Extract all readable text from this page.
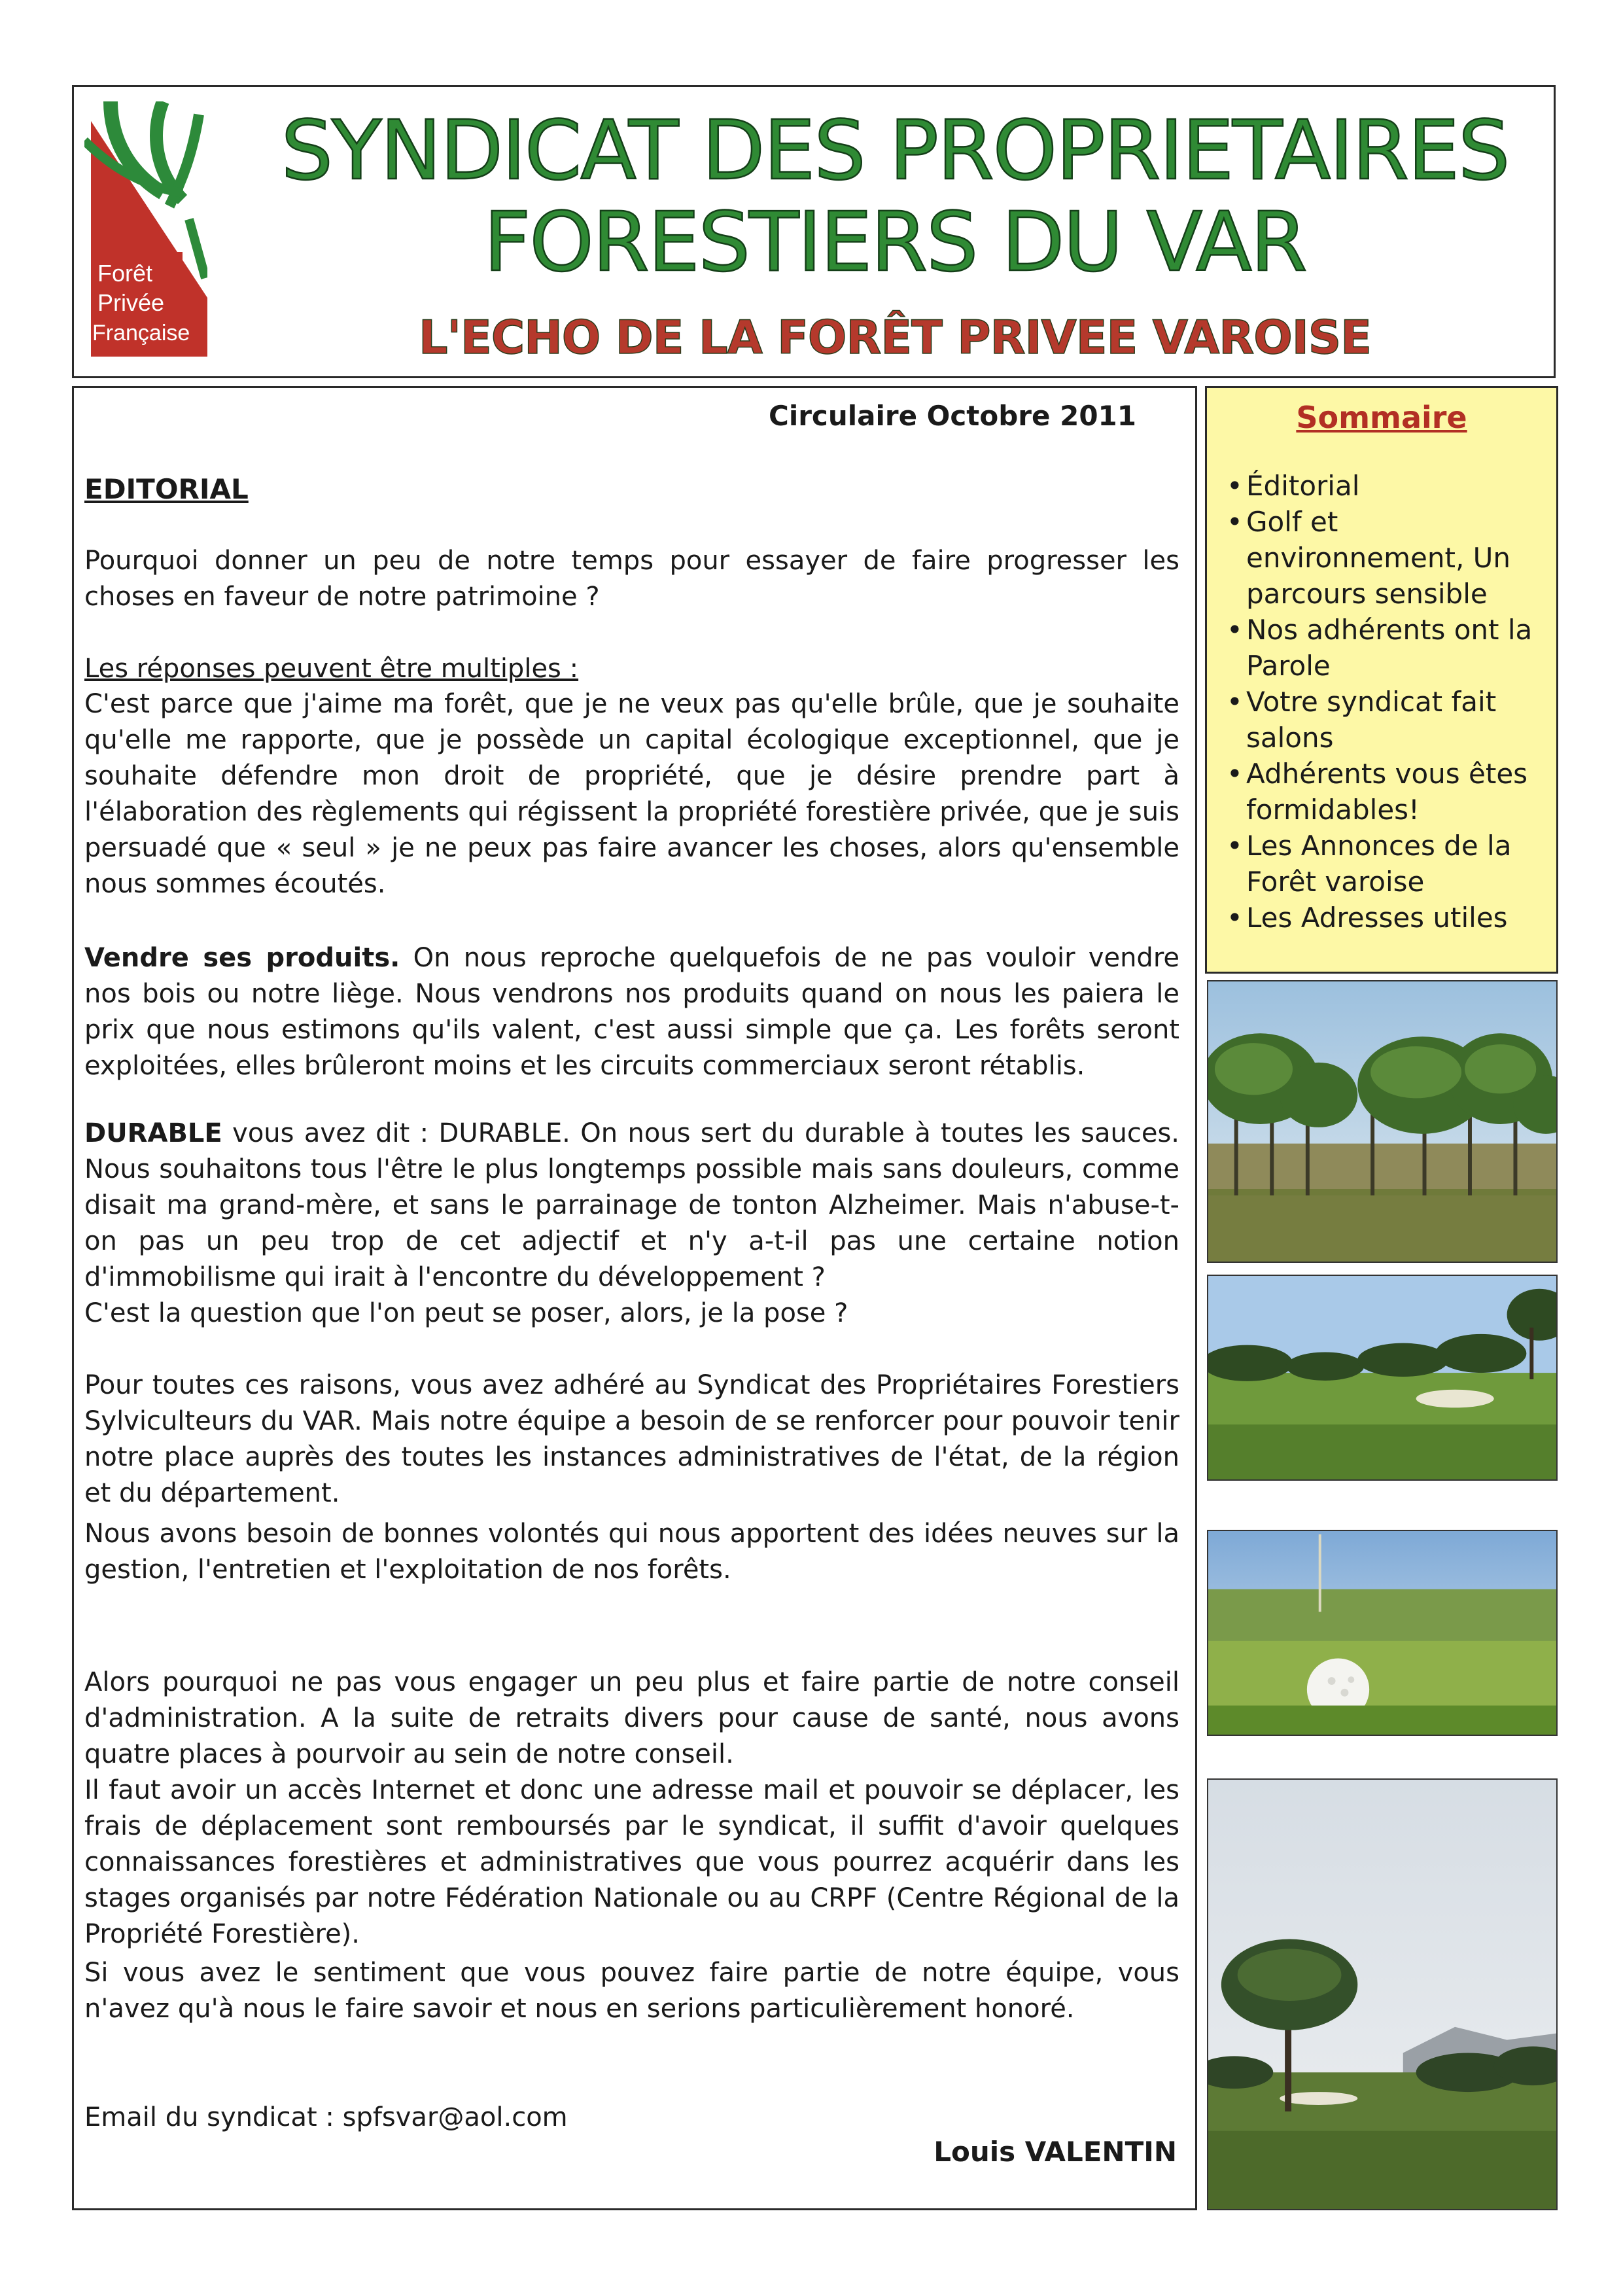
Forêt
Privée
Française
SYNDICAT DES PROPRIETAIRES
FORESTIERS DU VAR
L'ECHO DE LA FORÊT PRIVEE VAROISE
Circulaire Octobre 2011
EDITORIAL
Pourquoi donner un peu de notre temps pour essayer de faire progresser les choses en faveur de notre patrimoine ?
Les réponses peuvent être multiples :
C'est parce que j'aime ma forêt, que je ne veux pas qu'elle brûle, que je souhaite qu'elle me rapporte, que je possède un capital écologique exceptionnel, que je souhaite défendre mon droit de propriété, que je désire prendre part à l'élaboration des règlements qui régissent la propriété forestière privée, que je suis persuadé que « seul » je ne peux pas faire avancer les choses, alors qu'ensemble nous sommes écoutés.
Vendre ses produits. On nous reproche quelquefois de ne pas vouloir vendre nos bois ou notre liège. Nous vendrons nos produits quand on nous les paiera le prix que nous estimons qu'ils valent, c'est aussi simple que ça. Les forêts seront exploitées, elles brûleront moins et les circuits commerciaux seront rétablis.
DURABLE vous avez dit : DURABLE. On nous sert du durable à toutes les sauces. Nous souhaitons tous l'être le plus longtemps possible mais sans douleurs, comme disait ma grand-mère, et sans le parrainage de tonton Alzheimer. Mais n'abuse-t-on pas un peu trop de cet adjectif et n'y a-t-il pas une certaine notion d'immobilisme qui irait à l'encontre du développement ?
C'est la question que l'on peut se poser, alors, je la pose ?
Pour toutes ces raisons, vous avez adhéré au Syndicat des Propriétaires Forestiers Sylviculteurs du VAR. Mais notre équipe a besoin de se renforcer pour pouvoir tenir notre place auprès des toutes les instances administratives de l'état, de la région et du département.
Nous avons besoin de bonnes volontés qui nous apportent des idées neuves sur la gestion, l'entretien et l'exploitation de nos forêts.
Alors pourquoi ne pas vous engager un peu plus et faire partie de notre conseil d'administration. A la suite de retraits divers pour cause de santé, nous avons quatre places à pourvoir au sein de notre conseil.
Il faut avoir un accès Internet et donc une adresse mail et pouvoir se déplacer, les frais de déplacement sont remboursés par le syndicat, il suffit d'avoir quelques connaissances forestières et administratives que vous pourrez acquérir dans les stages organisés par notre Fédération Nationale ou au CRPF (Centre Régional de la Propriété Forestière).
Si vous avez le sentiment que vous pouvez faire partie de notre équipe, vous n'avez qu'à nous le faire savoir et nous en serions particulièrement honoré.
Email du syndicat : spfsvar@aol.com
Louis VALENTIN
Sommaire
• Éditorial
• Golf et environnement, Un parcours sensible
• Nos adhérents ont la Parole
• Votre syndicat fait salons
• Adhérents vous êtes formidables!
• Les Annonces de la Forêt varoise
• Les Adresses utiles
